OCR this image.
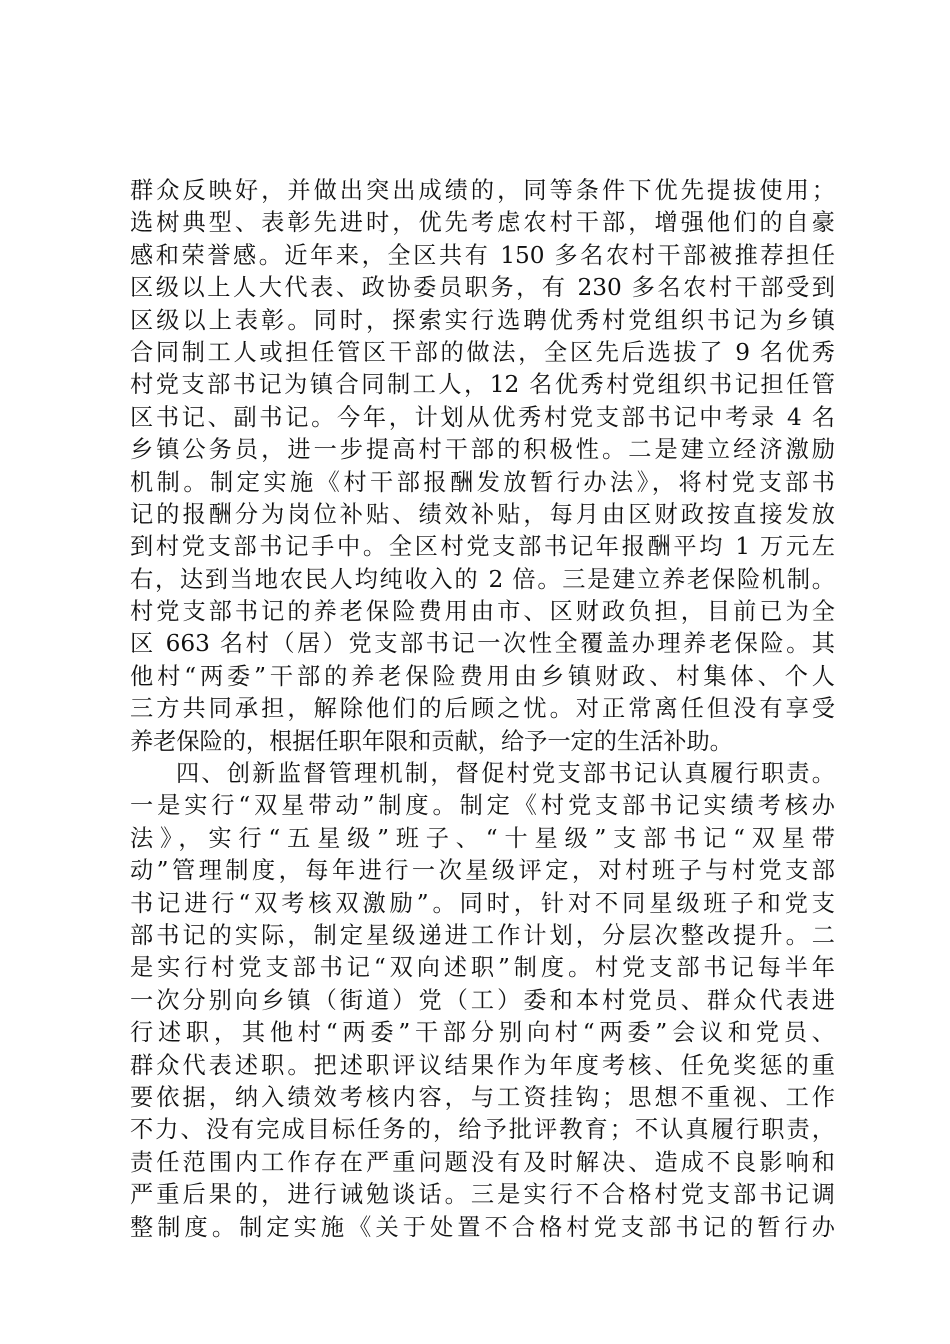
群众反映好，并做出突出成绩的，同等条件下优先提拔使用；
选树典型、表彰先进时，优先考虑农村干部，增强他们的自豪
感和荣誉感。近年来，全区共有 150 多名农村干部被推荐担任
区级以上人大代表、政协委员职务，有 230 多名农村干部受到
区级以上表彰。同时，探索实行选聘优秀村党组织书记为乡镇
合同制工人或担任管区干部的做法，全区先后选拔了 9 名优秀
村党支部书记为镇合同制工人，12 名优秀村党组织书记担任管
区书记、副书记。今年，计划从优秀村党支部书记中考录 4 名
乡镇公务员，进一步提高村干部的积极性。二是建立经济激励
机制。制定实施《村干部报酬发放暂行办法》，将村党支部书
记的报酬分为岗位补贴、绩效补贴，每月由区财政按直接发放
到村党支部书记手中。全区村党支部书记年报酬平均 1 万元左
右，达到当地农民人均纯收入的 2 倍。三是建立养老保险机制。
村党支部书记的养老保险费用由市、区财政负担，目前已为全
区 663 名村（居）党支部书记一次性全覆盖办理养老保险。其
他村“两委”干部的养老保险费用由乡镇财政、村集体、个人
三方共同承担，解除他们的后顾之忧。对正常离任但没有享受
养老保险的，根据任职年限和贡献，给予一定的生活补助。
四、创新监督管理机制，督促村党支部书记认真履行职责。
一是实行“双星带动”制度。制定《村党支部书记实绩考核办
法》，实行“五星级”班子、“十星级”支部书记“双星带
动”管理制度，每年进行一次星级评定，对村班子与村党支部
书记进行“双考核双激励”。同时，针对不同星级班子和党支
部书记的实际，制定星级递进工作计划，分层次整改提升。二
是实行村党支部书记“双向述职”制度。村党支部书记每半年
一次分别向乡镇（街道）党（工）委和本村党员、群众代表进
行述职，其他村“两委”干部分别向村“两委”会议和党员、
群众代表述职。把述职评议结果作为年度考核、任免奖惩的重
要依据，纳入绩效考核内容，与工资挂钩；思想不重视、工作
不力、没有完成目标任务的，给予批评教育；不认真履行职责，
责任范围内工作存在严重问题没有及时解决、造成不良影响和
严重后果的，进行诫勉谈话。三是实行不合格村党支部书记调
整制度。制定实施《关于处置不合格村党支部书记的暂行办
